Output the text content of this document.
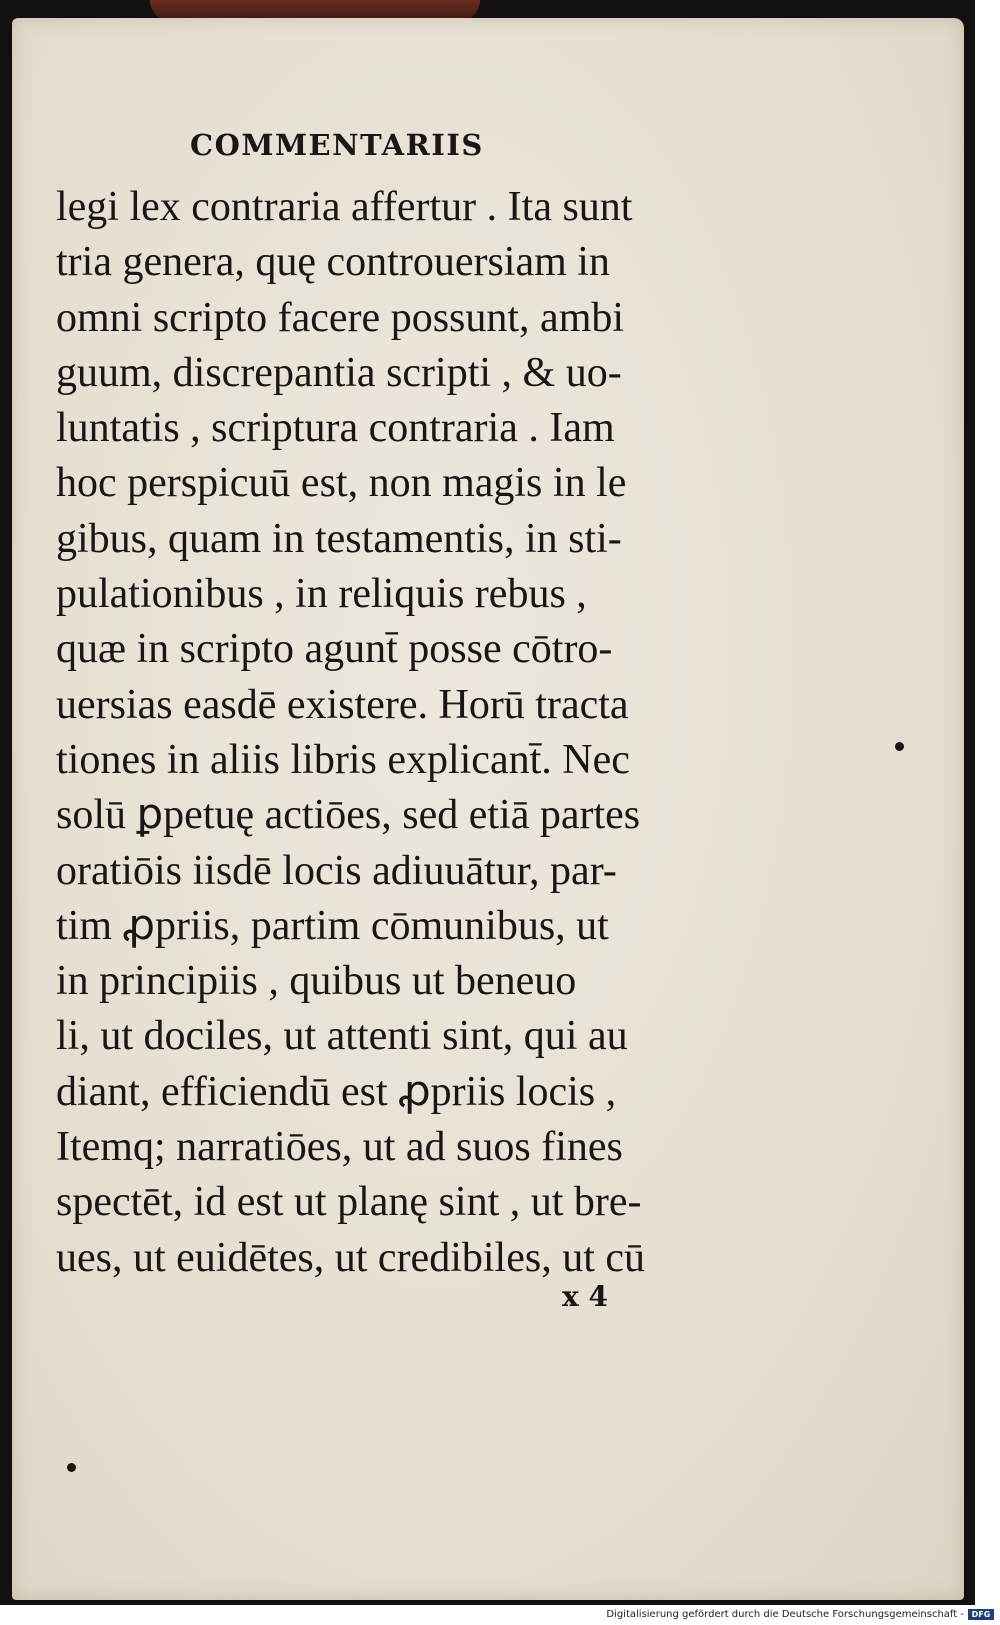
COMMENTARIIS
legi lex contraria affertur . Ita sunt
tria genera, quę controuersiam in
omni scripto facere possunt, ambi
guum, discrepantia scripti , & uo-
luntatis , scriptura contraria . Iam
hoc perspicuū est, non magis in le
gibus, quam in testamentis, in sti-
pulationibus , in reliquis rebus ,
quæ in scripto agunt̄ posse cōtro-
uersias easdē existere. Horū tracta
tiones in aliis libris explicant̄. Nec
solū ꝑpetuę actiōes, sed etiā partes
oratiōis iisdē locis adiuuātur, par-
tim ꝓpriis, partim cōmunibus, ut
in principiis , quibus ut beneuo
li, ut dociles, ut attenti sint, qui au
diant, efficiendū est ꝓpriis locis ,
Itemq; narratiōes, ut ad suos fines
spectēt, id est ut planę sint , ut bre-
ues, ut euidētes, ut credibiles, ut cū
x 4
Digitalisierung gefördert durch die Deutsche Forschungsgemeinschaft - DFG
